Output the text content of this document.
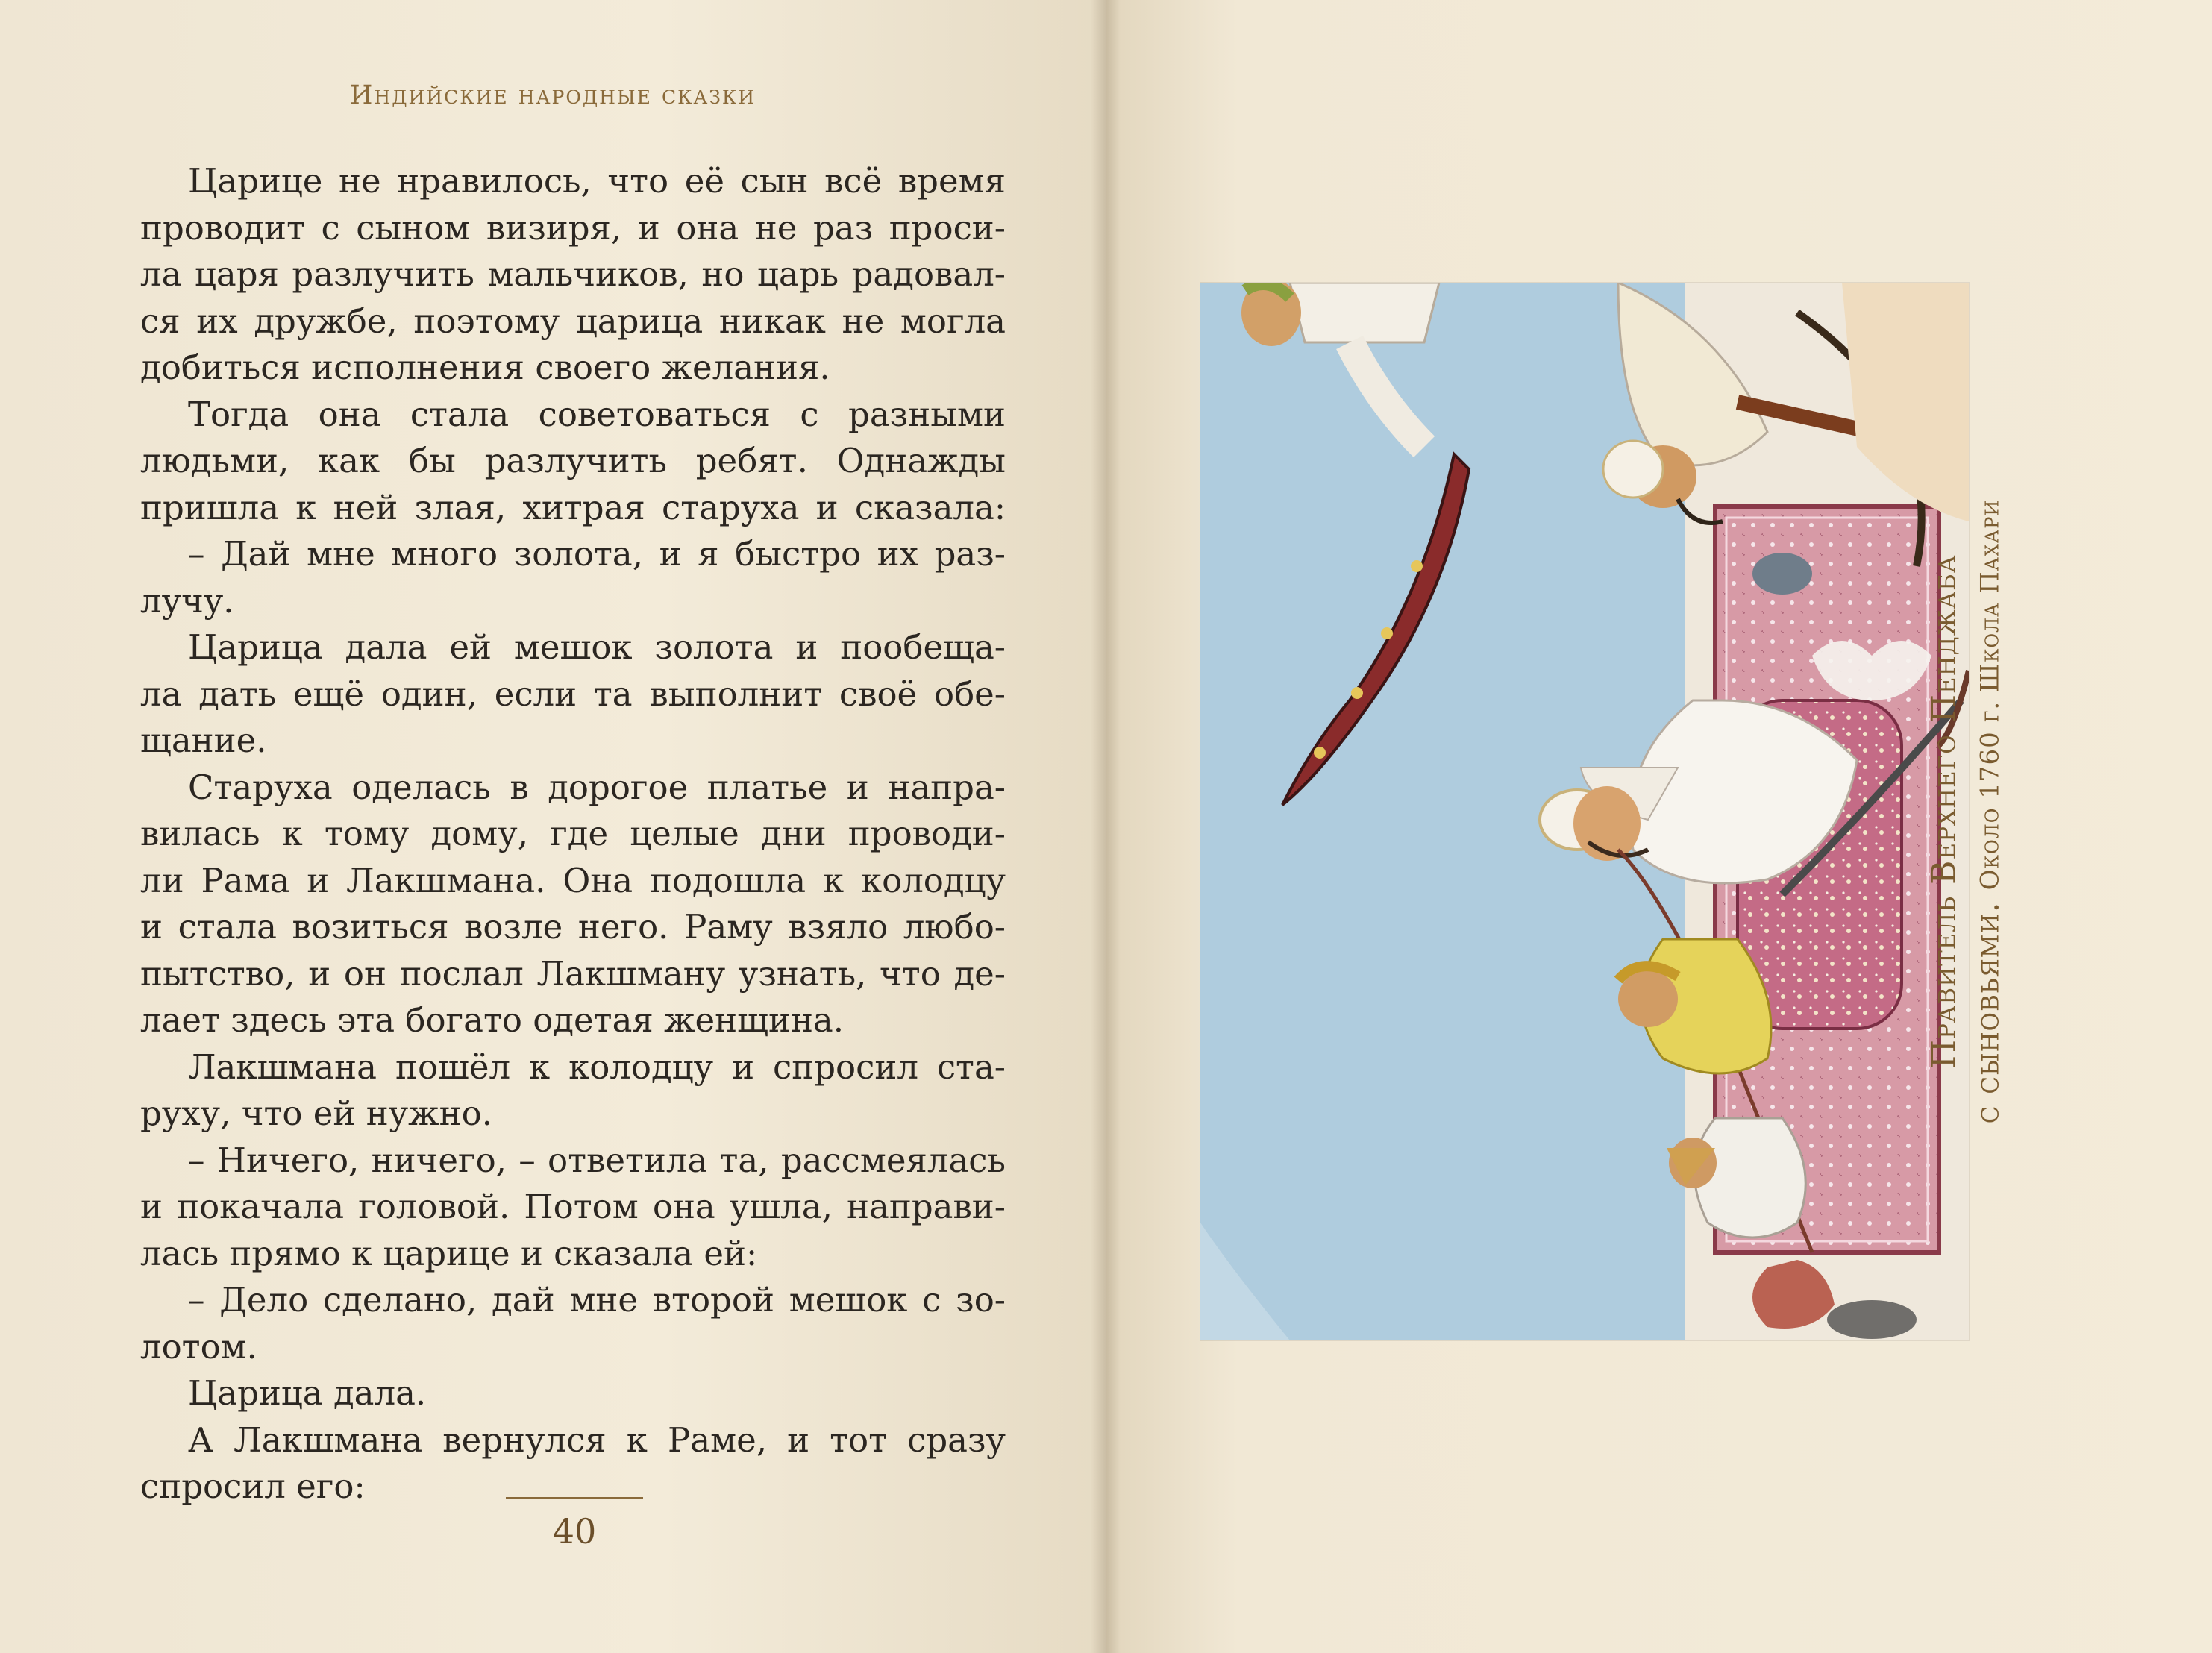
Индийские народные сказки
Царице не нравилось, что её сын всё время
проводит с сыном визиря, и она не раз проси-
ла царя разлучить мальчиков, но царь радовал-
ся их дружбе, поэтому царица никак не могла
добиться исполнения своего желания.
Тогда она стала советоваться с разными
людьми, как бы разлучить ребят. Однажды
пришла к ней злая, хитрая старуха и сказала:
– Дай мне много золота, и я быстро их раз-
лучу.
Царица дала ей мешок золота и пообеща-
ла дать ещё один, если та выполнит своё обе-
щание.
Старуха оделась в дорогое платье и напра-
вилась к тому дому, где целые дни проводи-
ли Рама и Лакшмана. Она подошла к колодцу
и стала возиться возле него. Раму взяло любо-
пытство, и он послал Лакшману узнать, что де-
лает здесь эта богато одетая женщина.
Лакшмана пошёл к колодцу и спросил ста-
руху, что ей нужно.
– Ничего, ничего, – ответила та, рассмеялась
и покачала головой. Потом она ушла, направи-
лась прямо к царице и сказала ей:
– Дело сделано, дай мне второй мешок с зо-
лотом.
Царица дала.
А Лакшмана вернулся к Раме, и тот сразу
спросил его:
40
Правитель Верхнего Пенджаба с сыновьями. Около 1760 г. Школа Пахари
